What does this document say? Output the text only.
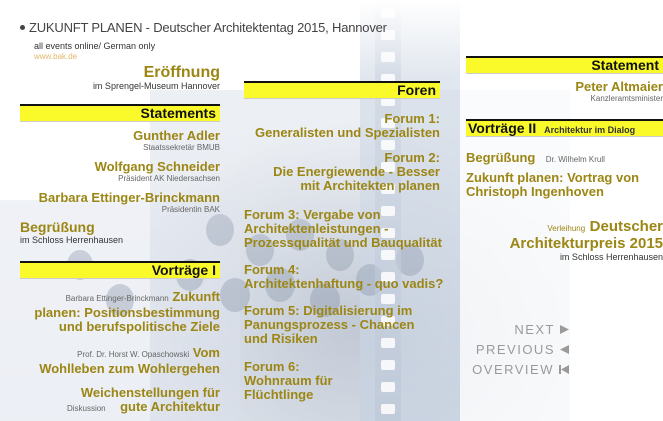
ZUKUNFT PLANEN - Deutscher Architektentag 2015, Hannover
all events online/ German only
www.bak.de
Eröffnung
im Sprengel-Museum Hannover
Statements
Gunther Adler
Staatssekretär BMUB
Wolfgang Schneider
Präsident AK Niedersachsen
Barbara Ettinger-Brinckmann
Präsidentin BAK
Begrüßung
im Schloss Herrenhausen
Vorträge I
Barbara Ettinger-Brinckmann Zukunft
planen: Positionsbestimmung
und berufspolitische Ziele
Prof. Dr. Horst W. Opaschowski Vom
Wohlleben zum Wohlergehen
Weichenstellungen für
Diskussion gute Architektur
Foren
Forum 1:
Generalisten und Spezialisten
Forum 2:
Die Energiewende - Besser
mit Architekten planen
Forum 3: Vergabe von
Architektenleistungen -
Prozessqualität und Bauqualität
Forum 4:
Architektenhaftung - quo vadis?
Forum 5: Digitalisierung im
Panungsprozess - Chancen
und Risiken
Forum 6:
Wohnraum für
Flüchtlinge
Statement
Peter Altmaier
Kanzleramtsminister
Vorträge II Architektur im Dialog
Begrüßung Dr. Wilhelm Krull
Zukunft planen: Vortrag von
Christoph Ingenhoven
Verleihung Deutscher
Architekturpreis 2015
im Schloss Herrenhausen
NEXT
PREVIOUS
OVERVIEW
